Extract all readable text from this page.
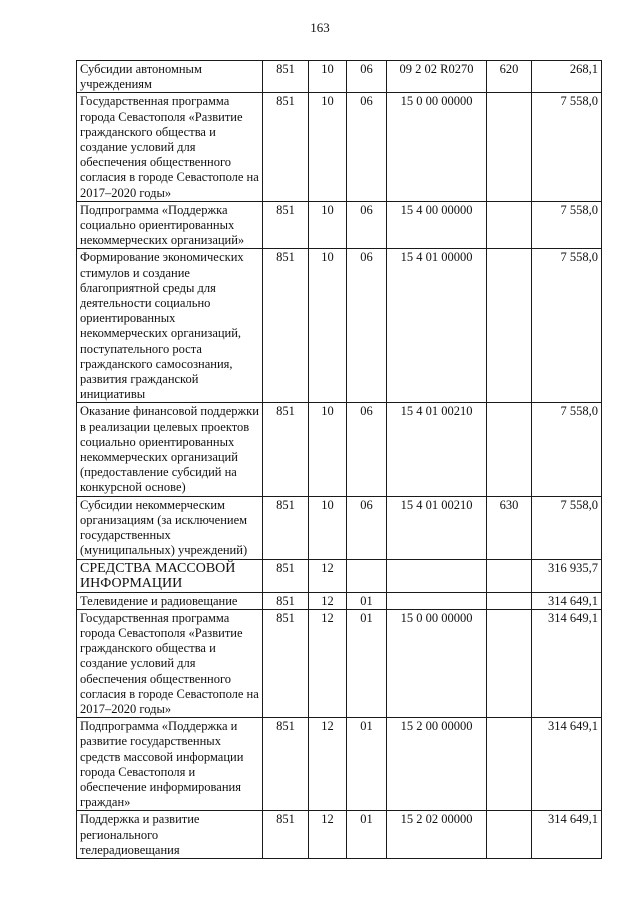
163
Субсидии автономным учреждениям	851	10	06	09 2 02 R0270	620	268,1
Государственная программа города Севастополя «Развитие гражданского общества и создание условий для обеспечения общественного согласия в городе Севастополе на 2017–2020 годы»	851	10	06	15 0 00 00000		7 558,0
Подпрограмма «Поддержка социально ориентированных некоммерческих организаций»	851	10	06	15 4 00 00000		7 558,0
Формирование экономических стимулов и создание благоприятной среды для деятельности социально ориентированных некоммерческих организаций, поступательного роста гражданского самосознания, развития гражданской инициативы	851	10	06	15 4 01 00000		7 558,0
Оказание финансовой поддержки в реализации целевых проектов социально ориентированных некоммерческих организаций (предоставление субсидий на конкурсной основе)	851	10	06	15 4 01 00210		7 558,0
Субсидии некоммерческим организациям (за исключением государственных (муниципальных) учреждений)	851	10	06	15 4 01 00210	630	7 558,0
СРЕДСТВА МАССОВОЙ ИНФОРМАЦИИ	851	12				316 935,7
Телевидение и радиовещание	851	12	01			314 649,1
Государственная программа города Севастополя «Развитие гражданского общества и создание условий для обеспечения общественного согласия в городе Севастополе на 2017–2020 годы»	851	12	01	15 0 00 00000		314 649,1
Подпрограмма «Поддержка и развитие государственных средств массовой информации города Севастополя и обеспечение информирования граждан»	851	12	01	15 2 00 00000		314 649,1
Поддержка и развитие регионального телерадиовещания	851	12	01	15 2 02 00000		314 649,1
